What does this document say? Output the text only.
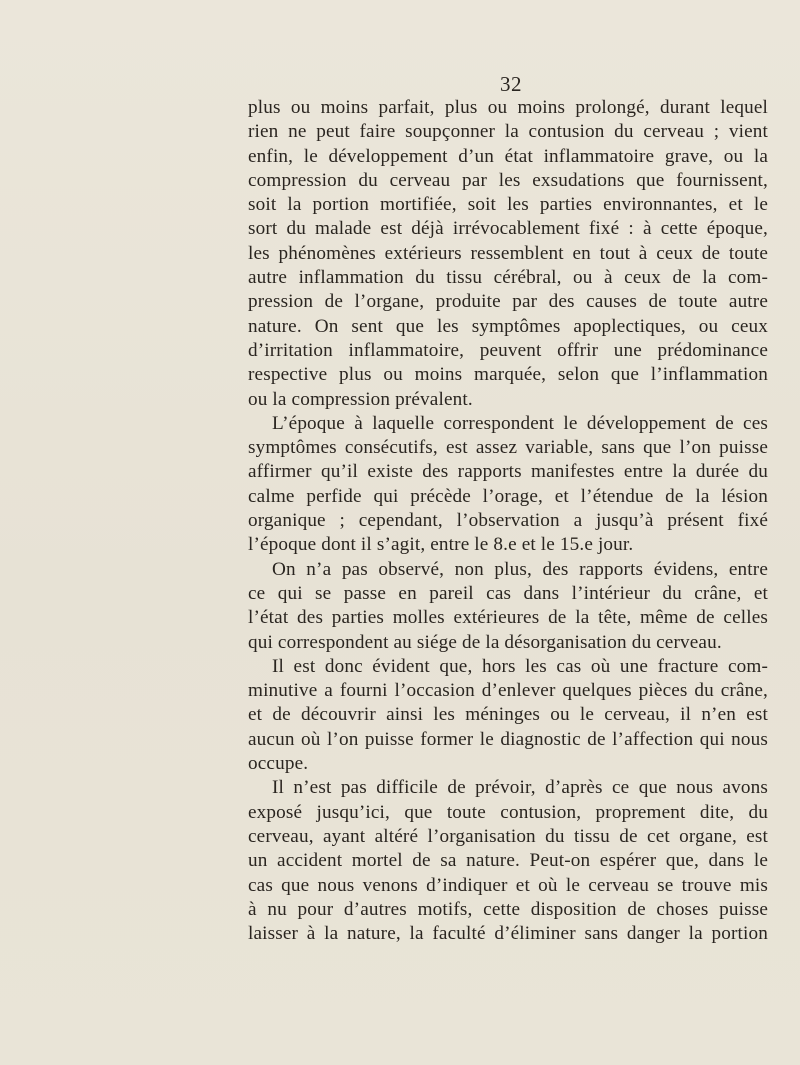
32
plus ou moins parfait, plus ou moins prolongé, durant lequel
rien ne peut faire soupçonner la contusion du cerveau ; vient
enfin, le développement d’un état inflammatoire grave, ou la
compression du cerveau par les exsudations que fournissent,
soit la portion mortifiée, soit les parties environnantes, et le
sort du malade est déjà irrévocablement fixé : à cette époque,
les phénomènes extérieurs ressemblent en tout à ceux de toute
autre inflammation du tissu cérébral, ou à ceux de la com-
pression de l’organe, produite par des causes de toute autre
nature. On sent que les symptômes apoplectiques, ou ceux
d’irritation inflammatoire, peuvent offrir une prédominance
respective plus ou moins marquée, selon que l’inflammation
ou la compression prévalent.
L’époque à laquelle correspondent le développement de ces
symptômes consécutifs, est assez variable, sans que l’on puisse
affirmer qu’il existe des rapports manifestes entre la durée du
calme perfide qui précède l’orage, et l’étendue de la lésion
organique ; cependant, l’observation a jusqu’à présent fixé
l’époque dont il s’agit, entre le 8.e et le 15.e jour.
On n’a pas observé, non plus, des rapports évidens, entre
ce qui se passe en pareil cas dans l’intérieur du crâne, et
l’état des parties molles extérieures de la tête, même de celles
qui correspondent au siége de la désorganisation du cerveau.
Il est donc évident que, hors les cas où une fracture com-
minutive a fourni l’occasion d’enlever quelques pièces du crâne,
et de découvrir ainsi les méninges ou le cerveau, il n’en est
aucun où l’on puisse former le diagnostic de l’affection qui nous
occupe.
Il n’est pas difficile de prévoir, d’après ce que nous avons
exposé jusqu’ici, que toute contusion, proprement dite, du
cerveau, ayant altéré l’organisation du tissu de cet organe, est
un accident mortel de sa nature. Peut-on espérer que, dans le
cas que nous venons d’indiquer et où le cerveau se trouve mis
à nu pour d’autres motifs, cette disposition de choses puisse
laisser à la nature, la faculté d’éliminer sans danger la portion
